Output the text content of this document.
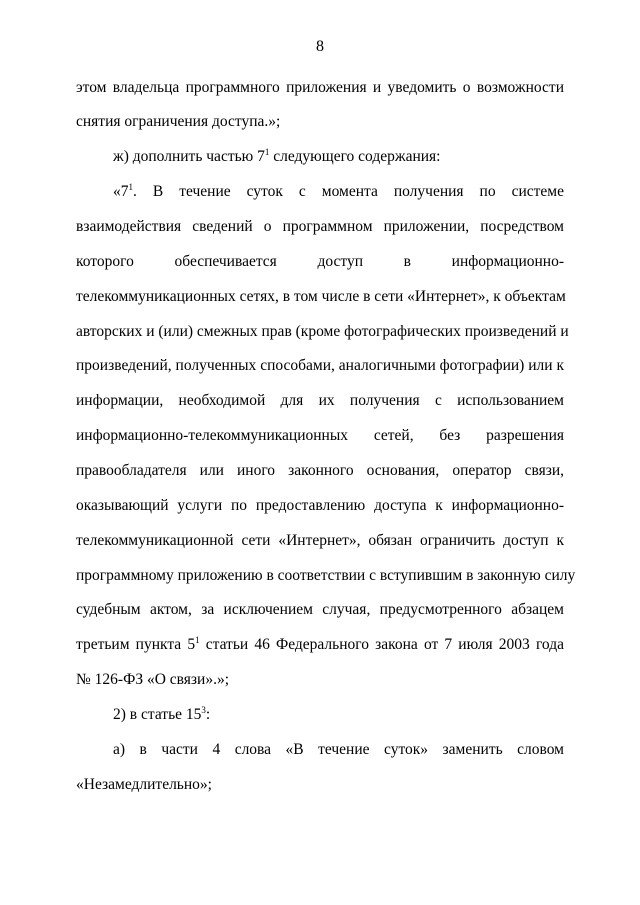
8
этом владельца программного приложения и уведомить о возможности
снятия ограничения доступа.»;
ж) дополнить частью $7^1$ следующего содержания:
«$7^1$. В течение суток с момента получения по системе
взаимодействия сведений о программном приложении, посредством
которого обеспечивается доступ в информационно-
телекоммуникационных сетях, в том числе в сети «Интернет», к объектам
авторских и (или) смежных прав (кроме фотографических произведений и
произведений, полученных способами, аналогичными фотографии) или к
информации, необходимой для их получения с использованием
информационно-телекоммуникационных сетей, без разрешения
правообладателя или иного законного основания, оператор связи,
оказывающий услуги по предоставлению доступа к информационно-
телекоммуникационной сети «Интернет», обязан ограничить доступ к
программному приложению в соответствии с вступившим в законную силу
судебным актом, за исключением случая, предусмотренного абзацем
третьим пункта $5^1$ статьи 46 Федерального закона от 7 июля 2003 года
№ 126-ФЗ «О связи».»;
2) в статье $15^3$:
а) в части 4 слова «В течение суток» заменить словом
«Незамедлительно»;
